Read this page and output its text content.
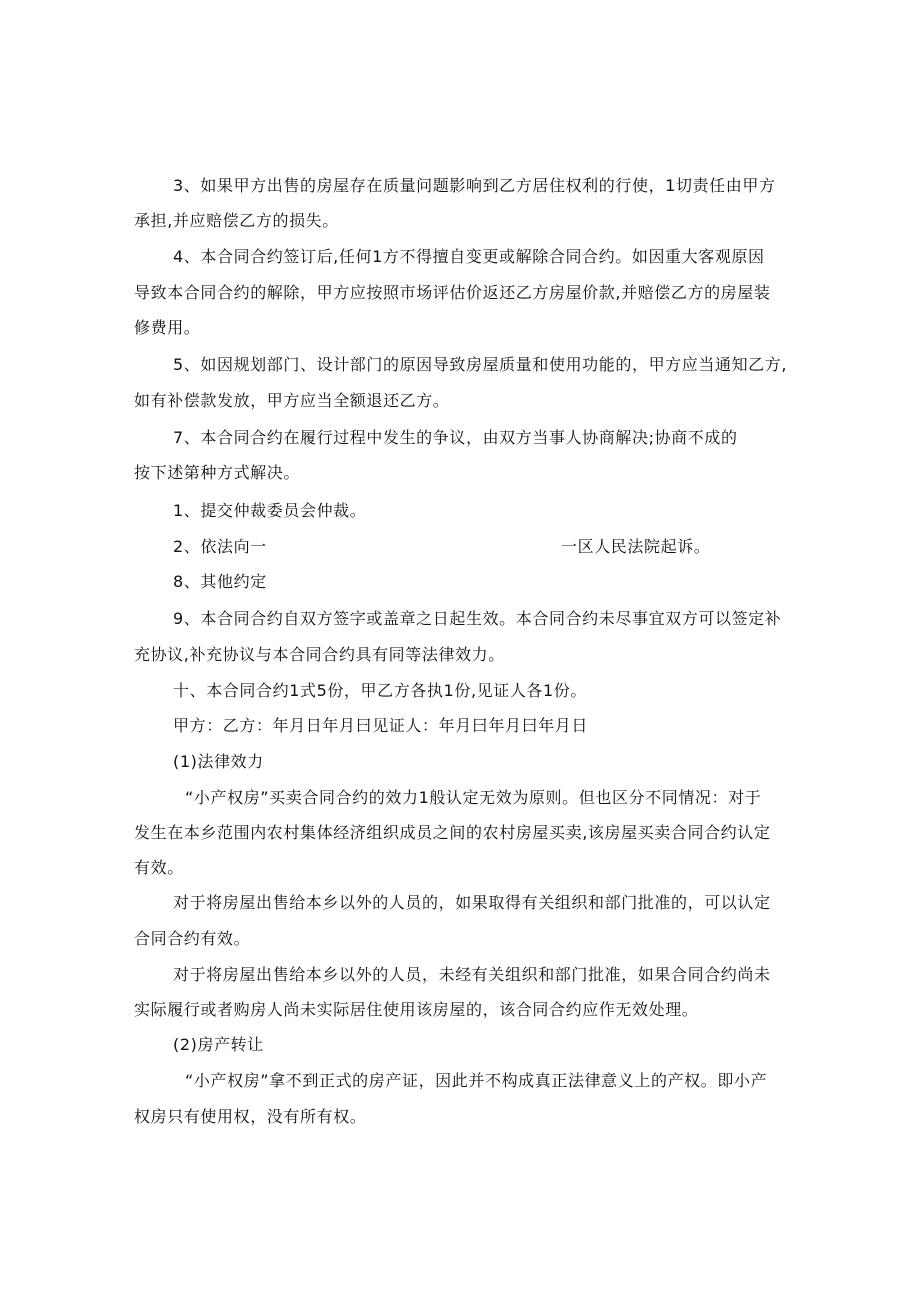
3、如果甲方出售的房屋存在质量问题影响到乙方居住权利的行使，1切责任由甲方
承担,并应赔偿乙方的损失。
4、本合同合约签订后,任何1方不得擅自变更或解除合同合约。如因重大客观原因
导致本合同合约的解除，甲方应按照市场评估价返还乙方房屋价款,并赔偿乙方的房屋装
修费用。
5、如因规划部门、设计部门的原因导致房屋质量和使用功能的，甲方应当通知乙方,
如有补偿款发放，甲方应当全额退还乙方。
7、本合同合约在履行过程中发生的争议，由双方当事人协商解决;协商不成的
按下述第种方式解决。
1、提交仲裁委员会仲裁。
2、依法向一	一区人民法院起诉。
8、其他约定
9、本合同合约自双方签字或盖章之日起生效。本合同合约未尽事宜双方可以签定补
充协议,补充协议与本合同合约具有同等法律效力。
十、本合同合约1式5份，甲乙方各执1份,见证人各1份。
甲方：乙方：年月日年月曰见证人：年月曰年月曰年月日
(1)法律效力
“小产权房”买卖合同合约的效力1般认定无效为原则。但也区分不同情况：对于
发生在本乡范围内农村集体经济组织成员之间的农村房屋买卖,该房屋买卖合同合约认定
有效。
对于将房屋出售给本乡以外的人员的，如果取得有关组织和部门批准的，可以认定
合同合约有效。
对于将房屋出售给本乡以外的人员，未经有关组织和部门批准，如果合同合约尚未
实际履行或者购房人尚未实际居住使用该房屋的，该合同合约应作无效处理。
(2)房产转让
“小产权房”拿不到正式的房产证，因此并不构成真正法律意义上的产权。即小产
权房只有使用权，没有所有权。
